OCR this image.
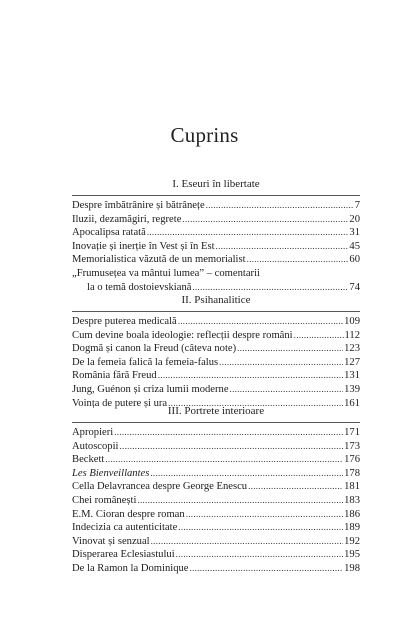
Cuprins
I. Eseuri în libertate
Despre îmbătrânire și bătrânețe .....	7
Iluzii, dezamăgiri, regrete .....	20
Apocalipsa ratată .....	31
Inovație și inerție în Vest și în Est .....	45
Memorialistica văzută de un memorialist .....	60
„Frumusețea va mântui lumea” – comentarii
la o temă dostoievskiană .....	74
II. Psihanalitice
Despre puterea medicală .....	109
Cum devine boala ideologie: reflecții despre români .....	112
Dogmă și canon la Freud (câteva note) .....	123
De la femeia falică la femeia-falus .....	127
România fără Freud .....	131
Jung, Guénon și criza lumii moderne .....	139
Voința de putere și ura .....	161
III. Portrete interioare
Apropieri .....	171
Autoscopii .....	173
Beckett .....	176
Les Bienveillantes .....	178
Cella Delavrancea despre George Enescu .....	181
Chei românești .....	183
E.M. Cioran despre roman .....	186
Indecizia ca autenticitate .....	189
Vinovat și senzual .....	192
Disperarea Eclesiastului .....	195
De la Ramon la Dominique .....	198
